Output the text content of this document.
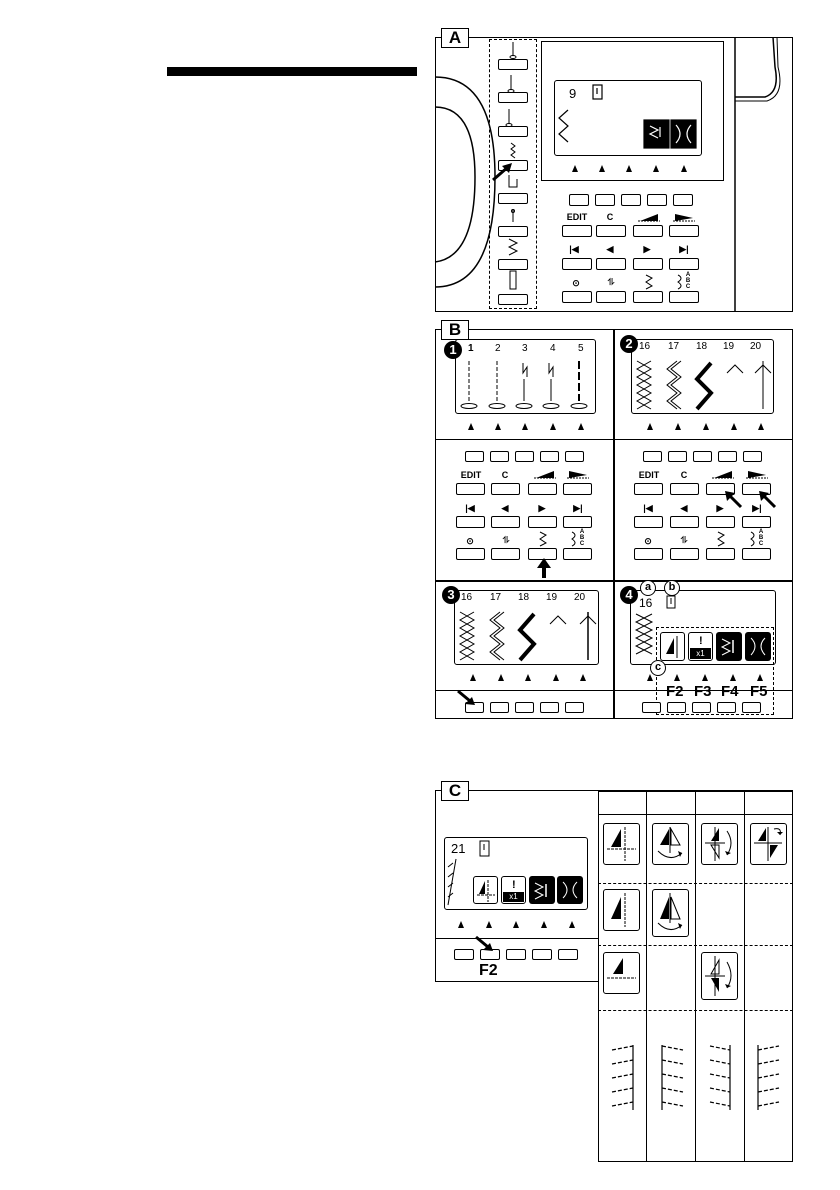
A
9
EDIT	C
|◀	◀	▶	▶|
⊙	⥮
ABC
B
1	1 2 3 4 5
EDIT	C
|◀	◀	▶	▶|
⊙	⥮
ABC
2 16 17 18 19 20
EDIT	C
|◀	◀	▶	▶|
⊙	⥮
ABC
3 16 17 18 19 20	4	a	b
16
!
x1
c
F2 F3 F4 F5
C
21
!
x1
F2
